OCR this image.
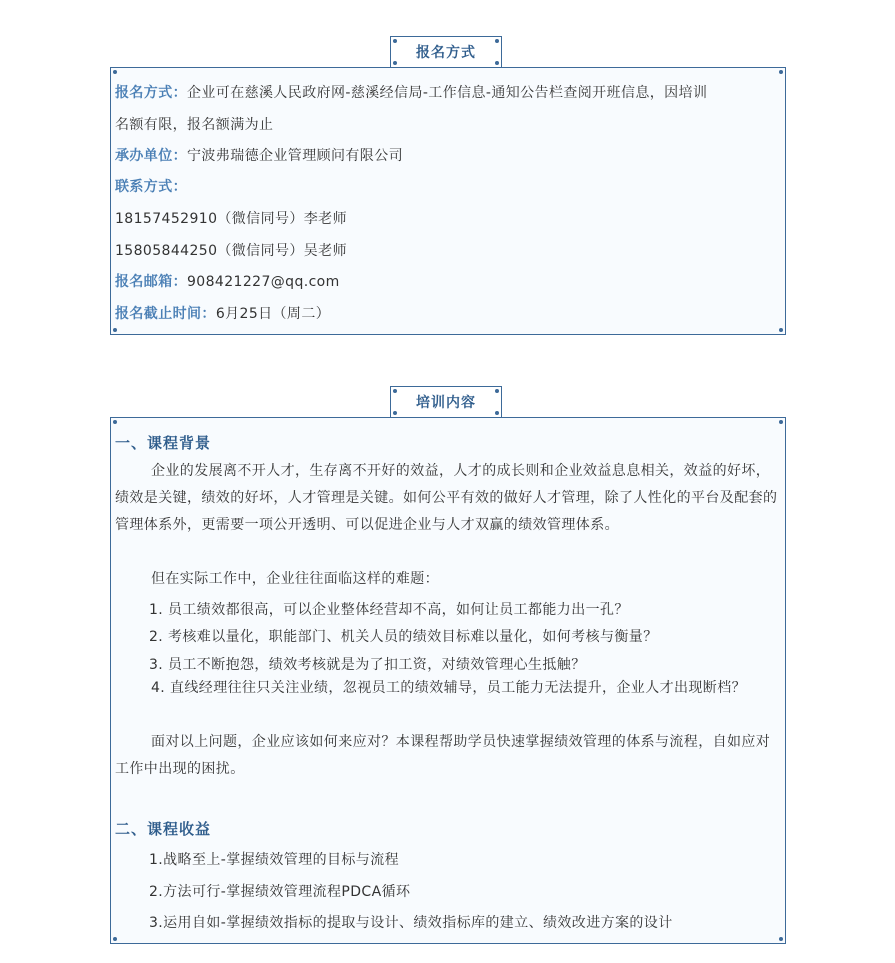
报名方式：企业可在慈溪人民政府网-慈溪经信局-工作信息-通知公告栏查阅开班信息，因培训
名额有限，报名额满为止
承办单位：宁波弗瑞德企业管理顾问有限公司
联系方式：
18157452910（微信同号）李老师
15805844250（微信同号）吴老师
报名邮箱：908421227@qq.com
报名截止时间：6月25日（周二）
报名方式
一、课程背景

企业的发展离不开人才，生存离不开好的效益，人才的成长则和企业效益息息相关，效益的好坏，绩效是关键，绩效的好坏，人才管理是关键。如何公平有效的做好人才管理，除了人性化的平台及配套的管理体系外，更需要一项公开透明、可以促进企业与人才双赢的绩效管理体系。

但在实际工作中，企业往往面临这样的难题：

1. 员工绩效都很高，可以企业整体经营却不高，如何让员工都能力出一孔？
2. 考核难以量化，职能部门、机关人员的绩效目标难以量化，如何考核与衡量？
3. 员工不断抱怨，绩效考核就是为了扣工资，对绩效管理心生抵触？

4. 直线经理往往只关注业绩，忽视员工的绩效辅导，员工能力无法提升，企业人才出现断档？

面对以上问题，企业应该如何来应对？本课程帮助学员快速掌握绩效管理的体系与流程，自如应对工作中出现的困扰。

二、课程收益
1.战略至上-掌握绩效管理的目标与流程
2.方法可行-掌握绩效管理流程PDCA循环
3.运用自如-掌握绩效指标的提取与设计、绩效指标库的建立、绩效改进方案的设计
培训内容
